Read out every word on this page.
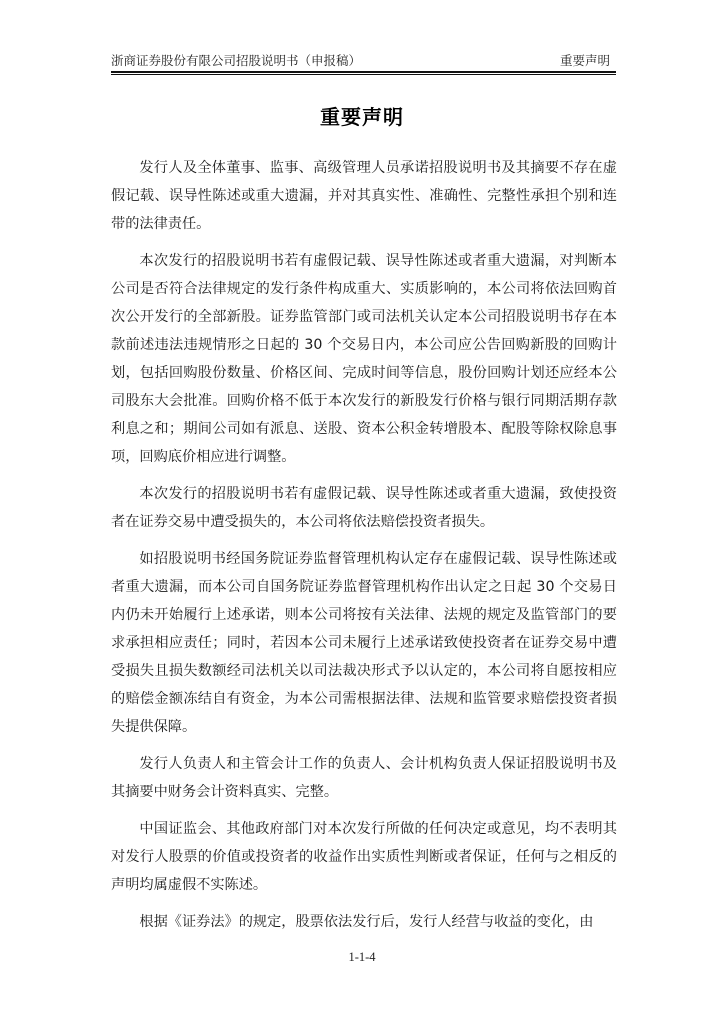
浙商证券股份有限公司招股说明书（申报稿）	重要声明
重要声明

发行人及全体董事、监事、高级管理人员承诺招股说明书及其摘要不存在虚假记载、误导性陈述或重大遗漏，并对其真实性、准确性、完整性承担个别和连带的法律责任。

本次发行的招股说明书若有虚假记载、误导性陈述或者重大遗漏，对判断本公司是否符合法律规定的发行条件构成重大、实质影响的，本公司将依法回购首次公开发行的全部新股。证券监管部门或司法机关认定本公司招股说明书存在本款前述违法违规情形之日起的 30 个交易日内，本公司应公告回购新股的回购计划，包括回购股份数量、价格区间、完成时间等信息，股份回购计划还应经本公司股东大会批准。回购价格不低于本次发行的新股发行价格与银行同期活期存款利息之和；期间公司如有派息、送股、资本公积金转增股本、配股等除权除息事项，回购底价相应进行调整。

本次发行的招股说明书若有虚假记载、误导性陈述或者重大遗漏，致使投资者在证券交易中遭受损失的，本公司将依法赔偿投资者损失。

如招股说明书经国务院证券监督管理机构认定存在虚假记载、误导性陈述或者重大遗漏，而本公司自国务院证券监督管理机构作出认定之日起 30 个交易日内仍未开始履行上述承诺，则本公司将按有关法律、法规的规定及监管部门的要求承担相应责任；同时，若因本公司未履行上述承诺致使投资者在证券交易中遭受损失且损失数额经司法机关以司法裁决形式予以认定的，本公司将自愿按相应的赔偿金额冻结自有资金，为本公司需根据法律、法规和监管要求赔偿投资者损失提供保障。

发行人负责人和主管会计工作的负责人、会计机构负责人保证招股说明书及其摘要中财务会计资料真实、完整。

中国证监会、其他政府部门对本次发行所做的任何决定或意见，均不表明其对发行人股票的价值或投资者的收益作出实质性判断或者保证，任何与之相反的声明均属虚假不实陈述。

根据《证券法》的规定，股票依法发行后，发行人经营与收益的变化，由

1-1-4
